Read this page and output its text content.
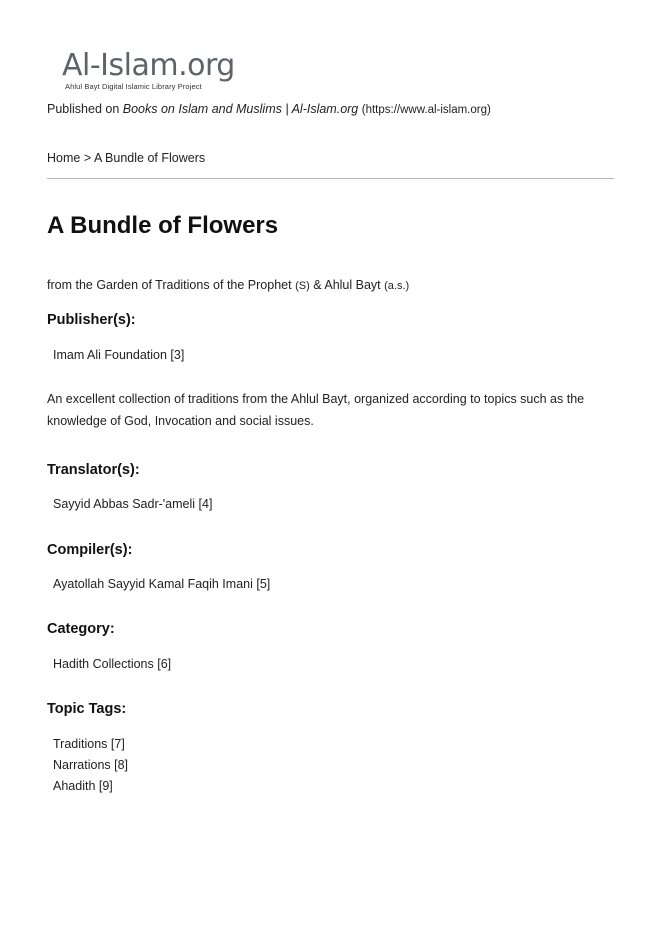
Al-Islam.org
Ahlul Bayt Digital Islamic Library Project
Published on Books on Islam and Muslims | Al-Islam.org (https://www.al-islam.org)
Home > A Bundle of Flowers
A Bundle of Flowers
from the Garden of Traditions of the Prophet (S) & Ahlul Bayt (a.s.)
Publisher(s):
Imam Ali Foundation [3]
An excellent collection of traditions from the Ahlul Bayt, organized according to topics such as the knowledge of God, Invocation and social issues.
Translator(s):
Sayyid Abbas Sadr-'ameli [4]
Compiler(s):
Ayatollah Sayyid Kamal Faqih Imani [5]
Category:
Hadith Collections [6]
Topic Tags:
Traditions [7]
Narrations [8]
Ahadith [9]
